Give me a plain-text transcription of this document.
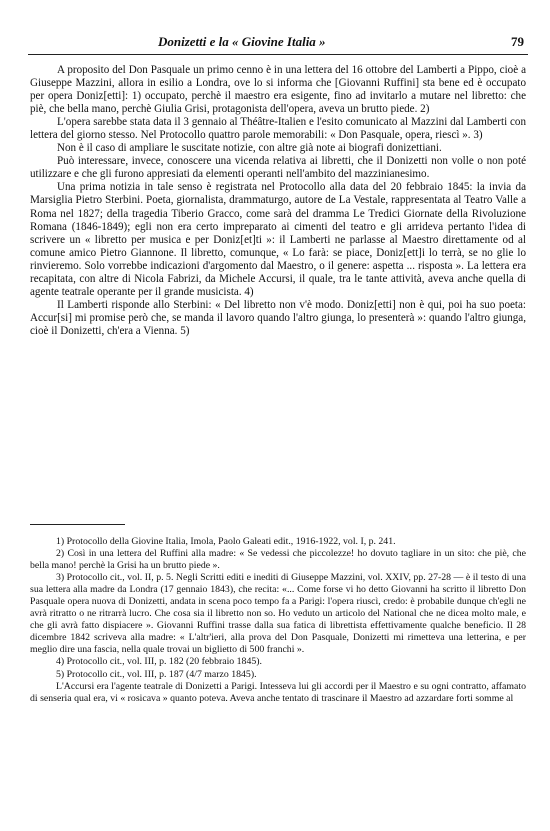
Donizetti e la « Giovine Italia »	79

A proposito del Don Pasquale un primo cenno è in una lettera del 16 ottobre del Lamberti a Pippo, cioè a Giuseppe Mazzini, allora in esilio a Londra, ove lo si informa che [Giovanni Ruffini] sta bene ed è occupato per opera Doniz[etti]: 1) occupato, perchè il maestro era esigente, fino ad invitarlo a mutare nel libretto: che piè, che bella mano, perchè Giulia Grisi, protagonista dell'opera, aveva un brutto piede. 2)

L'opera sarebbe stata data il 3 gennaio al Théâtre-Italien e l'esito comunicato al Mazzini dal Lamberti con lettera del giorno stesso. Nel Protocollo quattro parole memorabili: « Don Pasquale, opera, riescì ». 3)

Non è il caso di ampliare le suscitate notizie, con altre già note ai biografi donizettiani.

Può interessare, invece, conoscere una vicenda relativa ai libretti, che il Donizetti non volle o non poté utilizzare e che gli furono appresiati da elementi operanti nell'ambito del mazzinianesimo.

Una prima notizia in tale senso è registrata nel Protocollo alla data del 20 febbraio 1845: la invia da Marsiglia Pietro Sterbini. Poeta, giornalista, drammaturgo, autore de La Vestale, rappresentata al Teatro Valle a Roma nel 1827; della tragedia Tiberio Gracco, come sarà del dramma Le Tredici Giornate della Rivoluzione Romana (1846-1849); egli non era certo impreparato ai cimenti del teatro e gli arrideva pertanto l'idea di scrivere un « libretto per musica e per Doniz[et]ti »: il Lamberti ne parlasse al Maestro direttamente od al comune amico Pietro Giannone. Il libretto, comunque, « Lo farà: se piace, Doniz[ett]i lo terrà, se no glie lo rinvieremo. Solo vorrebbe indicazioni d'argomento dal Maestro, o il genere: aspetta ... risposta ». La lettera era recapitata, con altre di Nicola Fabrizi, da Michele Accursi, il quale, tra le tante attività, aveva anche quella di agente teatrale operante per il grande musicista. 4)

Il Lamberti risponde allo Sterbini: « Del libretto non v'è modo. Doniz[etti] non è qui, poi ha suo poeta: Accur[si] mi promise però che, se manda il lavoro quando l'altro giunga, lo presenterà »: quando l'altro giunga, cioè il Donizetti, ch'era a Vienna. 5)

1) Protocollo della Giovine Italia, Imola, Paolo Galeati edit., 1916-1922, vol. I, p. 241.

2) Così in una lettera del Ruffini alla madre: « Se vedessi che piccolezze! ho dovuto tagliare in un sito: che piè, che bella mano! perchè la Grisi ha un brutto piede ».

3) Protocollo cit., vol. II, p. 5. Negli Scritti editi e inediti di Giuseppe Mazzini, vol. XXIV, pp. 27-28 — è il testo di una sua lettera alla madre da Londra (17 gennaio 1843), che recita: «... Come forse vi ho detto Giovanni ha scritto il libretto Don Pasquale opera nuova di Donizetti, andata in scena poco tempo fa a Parigi: l'opera riuscì, credo: è probabile dunque ch'egli ne avrà ritratto o ne ritrarrà lucro. Che cosa sia il libretto non so. Ho veduto un articolo del National che ne dicea molto male, e che gli avrà fatto dispiacere ». Giovanni Ruffini trasse dalla sua fatica di librettista effettivamente qualche beneficio. Il 28 dicembre 1842 scriveva alla madre: « L'altr'ieri, alla prova del Don Pasquale, Donizetti mi rimetteva una letterina, e per meglio dire una fascia, nella quale trovai un biglietto di 500 franchi ».

4) Protocollo cit., vol. III, p. 182 (20 febbraio 1845).

5) Protocollo cit., vol. III, p. 187 (4/7 marzo 1845).

L'Accursi era l'agente teatrale di Donizetti a Parigi. Intesseva lui gli accordi per il Maestro e su ogni contratto, affamato di senseria qual era, vi « rosicava » quanto poteva. Aveva anche tentato di trascinare il Maestro ad azzardare forti somme al
